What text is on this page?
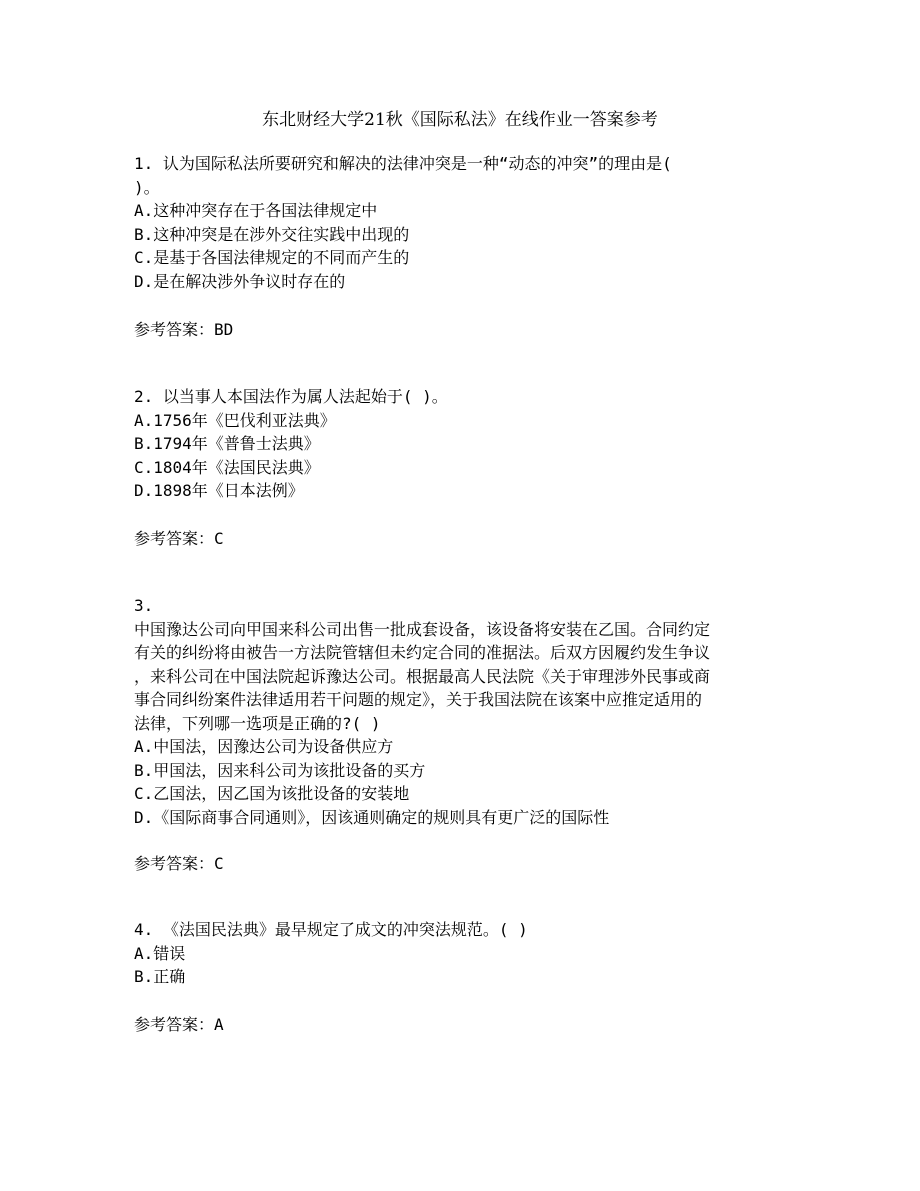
东北财经大学21秋《国际私法》在线作业一答案参考
1. 认为国际私法所要研究和解决的法律冲突是一种“动态的冲突”的理由是(
)。
A.这种冲突存在于各国法律规定中
B.这种冲突是在涉外交往实践中出现的
C.是基于各国法律规定的不同而产生的
D.是在解决涉外争议时存在的
参考答案：BD
2. 以当事人本国法作为属人法起始于( )。
A.1756年《巴伐利亚法典》
B.1794年《普鲁士法典》
C.1804年《法国民法典》
D.1898年《日本法例》
参考答案：C
3.
中国豫达公司向甲国来科公司出售一批成套设备，该设备将安装在乙国。合同约定
有关的纠纷将由被告一方法院管辖但未约定合同的准据法。后双方因履约发生争议
，来科公司在中国法院起诉豫达公司。根据最高人民法院《关于审理涉外民事或商
事合同纠纷案件法律适用若干问题的规定》，关于我国法院在该案中应推定适用的
法律，下列哪一选项是正确的?( )
A.中国法，因豫达公司为设备供应方
B.甲国法，因来科公司为该批设备的买方
C.乙国法，因乙国为该批设备的安装地
D.《国际商事合同通则》，因该通则确定的规则具有更广泛的国际性
参考答案：C
4. 《法国民法典》最早规定了成文的冲突法规范。( )
A.错误
B.正确
参考答案：A
